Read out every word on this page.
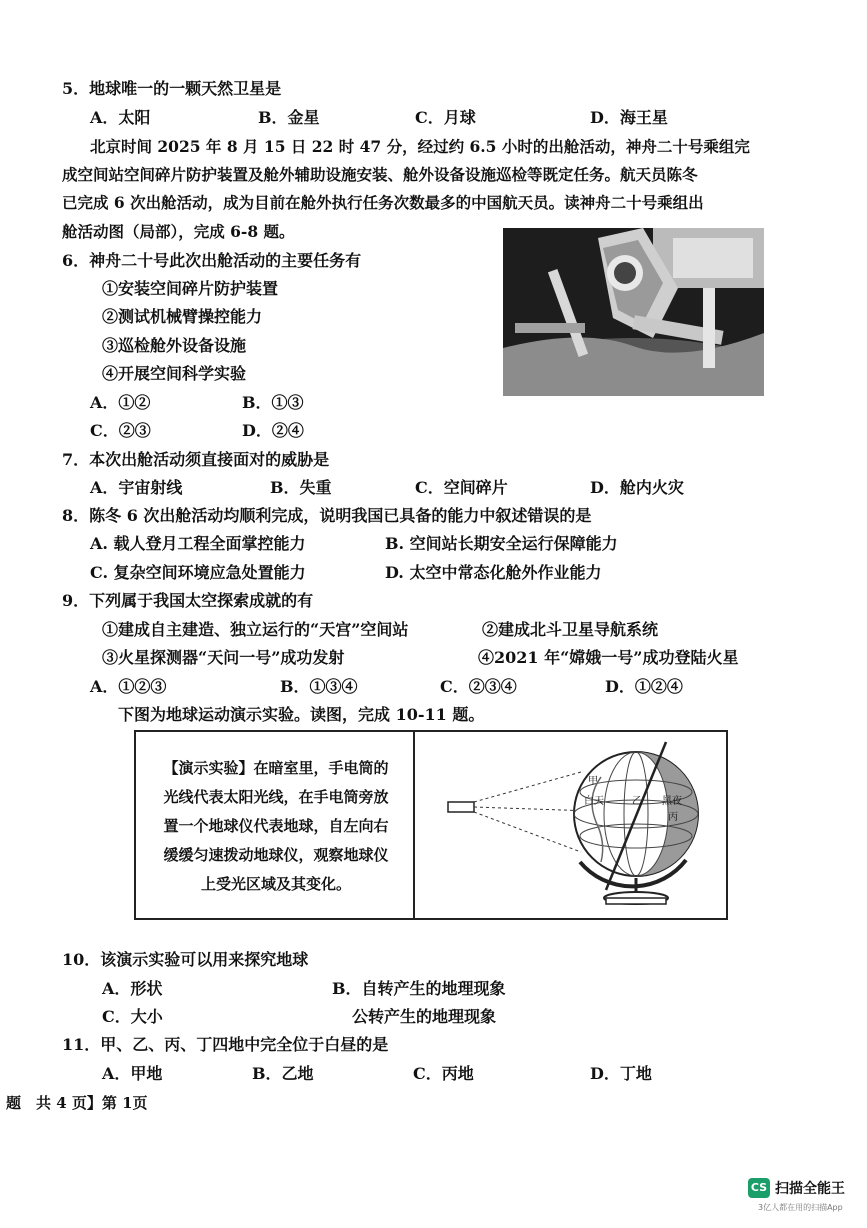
5．地球唯一的一颗天然卫星是
A．太阳	B．金星	C．月球	D．海王星
北京时间 2025 年 8 月 15 日 22 时 47 分，经过约 6.5 小时的出舱活动，神舟二十号乘组完
成空间站空间碎片防护装置及舱外辅助设施安装、舱外设备设施巡检等既定任务。航天员陈冬
已完成 6 次出舱活动，成为目前在舱外执行任务次数最多的中国航天员。读神舟二十号乘组出
舱活动图（局部），完成 6-8 题。
6．神舟二十号此次出舱活动的主要任务有
①安装空间碎片防护装置
②测试机械臂操控能力
③巡检舱外设备设施
④开展空间科学实验
A．①②	B．①③
C．②③	D．②④
7．本次出舱活动须直接面对的威胁是
A．宇宙射线	B．失重	C．空间碎片	D．舱内火灾
8．陈冬 6 次出舱活动均顺利完成，说明我国已具备的能力中叙述错误的是
A. 载人登月工程全面掌控能力	B. 空间站长期安全运行保障能力
C. 复杂空间环境应急处置能力	D. 太空中常态化舱外作业能力
9．下列属于我国太空探索成就的有
①建成自主建造、独立运行的“天宫”空间站	②建成北斗卫星导航系统
③火星探测器“天问一号”成功发射	④2021 年“嫦娥一号”成功登陆火星
A．①②③	B．①③④	C．②③④	D．①②④
下图为地球运动演示实验。读图，完成 10-11 题。
【演示实验】在暗室里，手电筒的
光线代表太阳光线，在手电筒旁放
置一个地球仪代表地球，自左向右
缓缓匀速拨动地球仪，观察地球仪
上受光区域及其变化。
甲
白天	乙 黑夜
丙
10．该演示实验可以用来探究地球
A．形状	B．自转产生的地理现象
C．大小	公转产生的地理现象
11．甲、乙、丙、丁四地中完全位于白昼的是
A．甲地	B．乙地	C．丙地	D．丁地
题　共 4 页】第 1页
CS 扫描全能王
3亿人都在用的扫描App
